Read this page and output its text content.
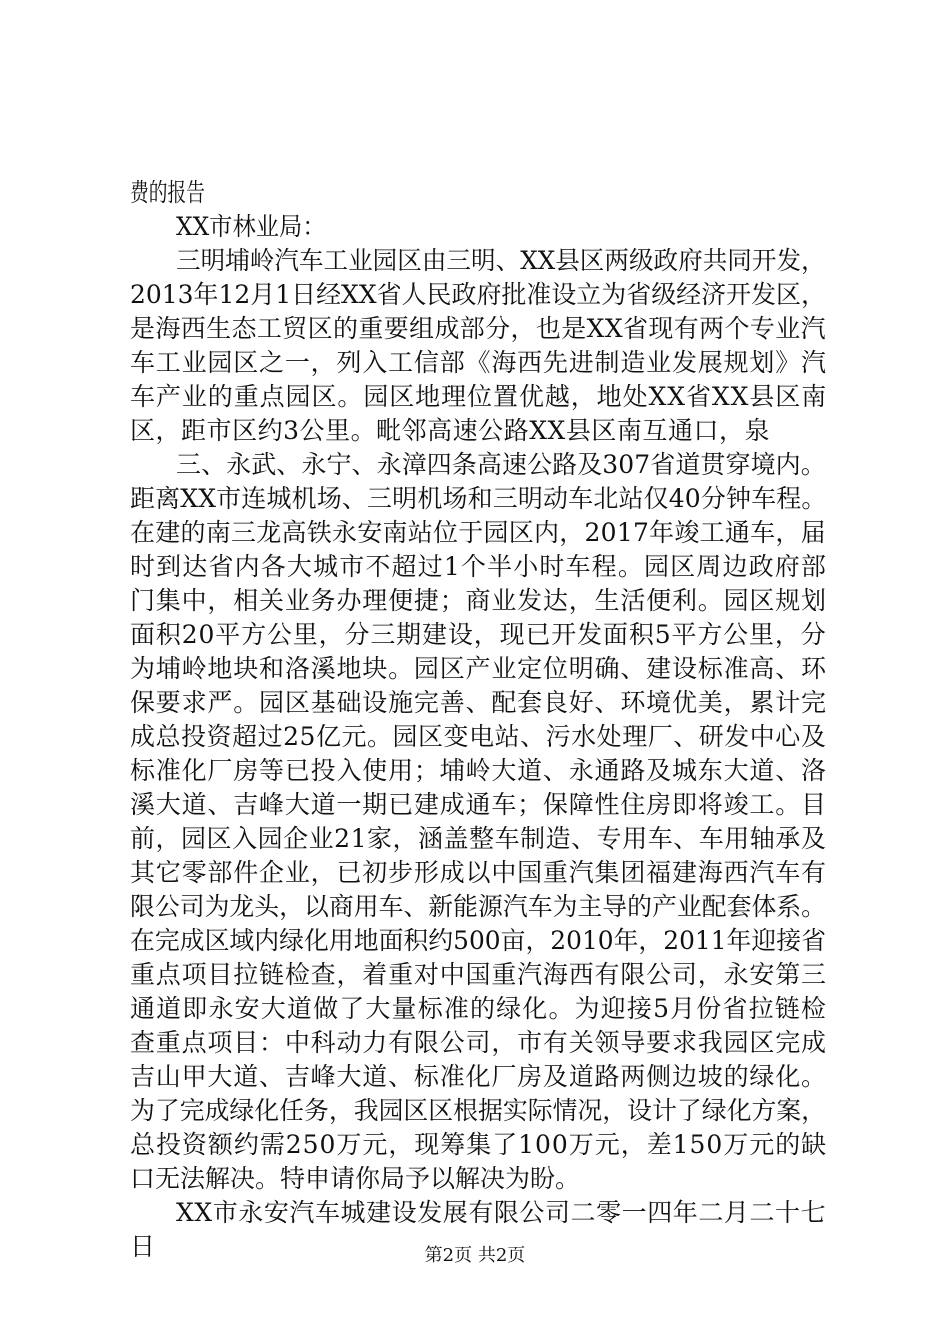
费的报告
XX市林业局：
三明埔岭汽车工业园区由三明、XX县区两级政府共同开发，
2013年12月1日经XX省人民政府批准设立为省级经济开发区，
是海西生态工贸区的重要组成部分，也是XX省现有两个专业汽
车工业园区之一，列入工信部《海西先进制造业发展规划》汽
车产业的重点园区。园区地理位置优越，地处XX省XX县区南
区，距市区约3公里。毗邻高速公路XX县区南互通口，泉
三、永武、永宁、永漳四条高速公路及307省道贯穿境内。
距离XX市连城机场、三明机场和三明动车北站仅40分钟车程。
在建的南三龙高铁永安南站位于园区内，2017年竣工通车，届
时到达省内各大城市不超过1个半小时车程。园区周边政府部
门集中，相关业务办理便捷；商业发达，生活便利。园区规划
面积20平方公里，分三期建设，现已开发面积5平方公里，分
为埔岭地块和洛溪地块。园区产业定位明确、建设标准高、环
保要求严。园区基础设施完善、配套良好、环境优美，累计完
成总投资超过25亿元。园区变电站、污水处理厂、研发中心及
标准化厂房等已投入使用；埔岭大道、永通路及城东大道、洛
溪大道、吉峰大道一期已建成通车；保障性住房即将竣工。目
前，园区入园企业21家，涵盖整车制造、专用车、车用轴承及
其它零部件企业，已初步形成以中国重汽集团福建海西汽车有
限公司为龙头，以商用车、新能源汽车为主导的产业配套体系。
在完成区域内绿化用地面积约500亩，2010年，2011年迎接省
重点项目拉链检查，着重对中国重汽海西有限公司，永安第三
通道即永安大道做了大量标准的绿化。为迎接5月份省拉链检
查重点项目：中科动力有限公司，市有关领导要求我园区完成
吉山甲大道、吉峰大道、标准化厂房及道路两侧边坡的绿化。
为了完成绿化任务，我园区区根据实际情况，设计了绿化方案，
总投资额约需250万元，现筹集了100万元，差150万元的缺
口无法解决。特申请你局予以解决为盼。
XX市永安汽车城建设发展有限公司二零一四年二月二十七
日	第2页 共2页
